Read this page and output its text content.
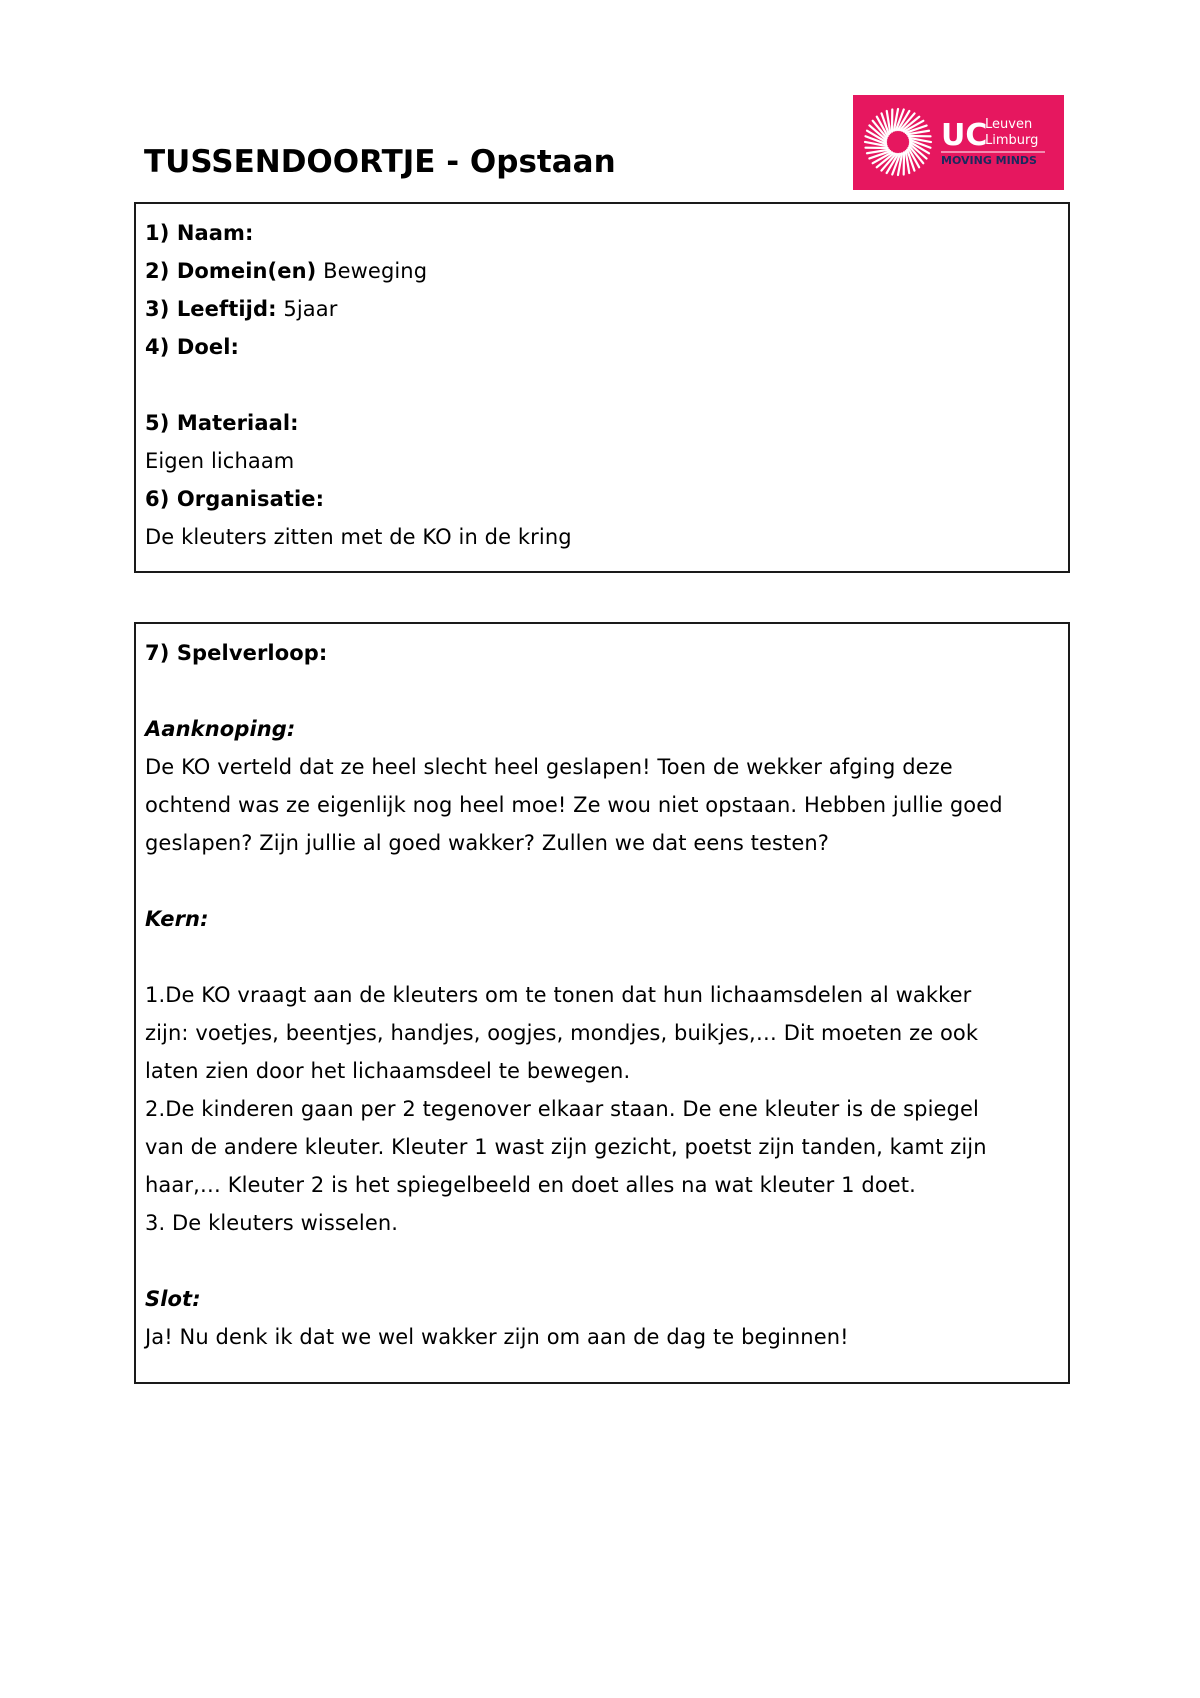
TUSSENDOORTJE - Opstaan
UC
Leuven
Limburg
MOVING MINDS
1) Naam:
2) Domein(en) Beweging
3) Leeftijd: 5jaar
4) Doel:
5) Materiaal:
Eigen lichaam
6) Organisatie:
De kleuters zitten met de KO in de kring
7) Spelverloop:
Aanknoping:
De KO verteld dat ze heel slecht heel geslapen! Toen de wekker afging deze
ochtend was ze eigenlijk nog heel moe! Ze wou niet opstaan. Hebben jullie goed
geslapen? Zijn jullie al goed wakker? Zullen we dat eens testen?
Kern:
1.De KO vraagt aan de kleuters om te tonen dat hun lichaamsdelen al wakker
zijn: voetjes, beentjes, handjes, oogjes, mondjes, buikjes,… Dit moeten ze ook
laten zien door het lichaamsdeel te bewegen.
2.De kinderen gaan per 2 tegenover elkaar staan. De ene kleuter is de spiegel
van de andere kleuter. Kleuter 1 wast zijn gezicht, poetst zijn tanden, kamt zijn
haar,… Kleuter 2 is het spiegelbeeld en doet alles na wat kleuter 1 doet.
3. De kleuters wisselen.
Slot:
Ja! Nu denk ik dat we wel wakker zijn om aan de dag te beginnen!
